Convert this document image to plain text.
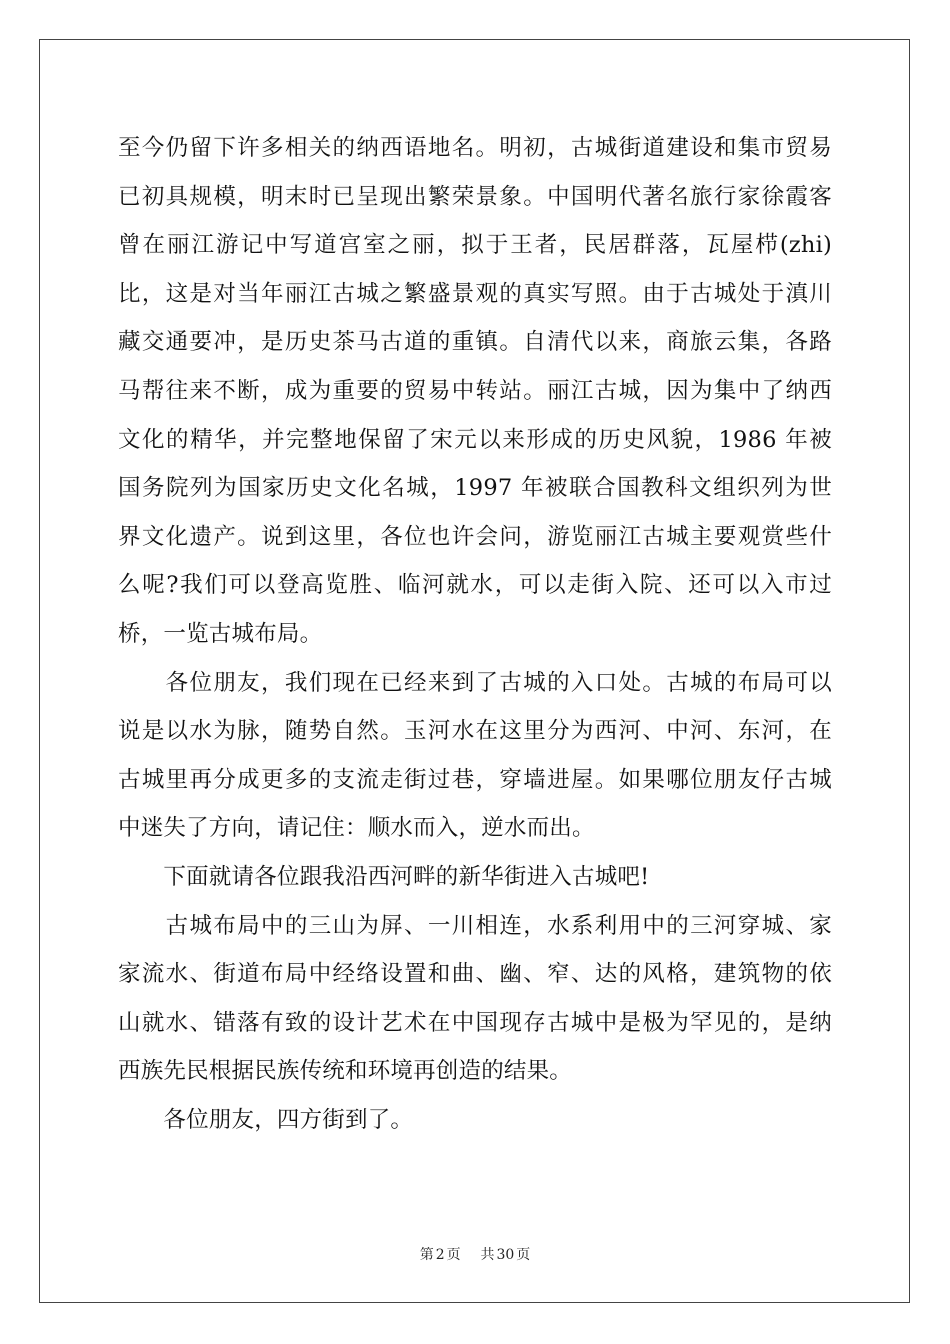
至今仍留下许多相关的纳西语地名。明初，古城街道建设和集市贸易
已初具规模，明末时已呈现出繁荣景象。中国明代著名旅行家徐霞客
曾在丽江游记中写道宫室之丽，拟于王者，民居群落，瓦屋栉(zhi)
比，这是对当年丽江古城之繁盛景观的真实写照。由于古城处于滇川
藏交通要冲，是历史茶马古道的重镇。自清代以来，商旅云集，各路
马帮往来不断，成为重要的贸易中转站。丽江古城，因为集中了纳西
文化的精华，并完整地保留了宋元以来形成的历史风貌，1986 年被
国务院列为国家历史文化名城，1997 年被联合国教科文组织列为世
界文化遗产。说到这里，各位也许会问，游览丽江古城主要观赏些什
么呢?我们可以登高览胜、临河就水，可以走街入院、还可以入市过
桥，一览古城布局。
　　各位朋友，我们现在已经来到了古城的入口处。古城的布局可以
说是以水为脉，随势自然。玉河水在这里分为西河、中河、东河，在
古城里再分成更多的支流走街过巷，穿墙进屋。如果哪位朋友仔古城
中迷失了方向，请记住：顺水而入，逆水而出。
　　下面就请各位跟我沿西河畔的新华街进入古城吧!
　　古城布局中的三山为屏、一川相连，水系利用中的三河穿城、家
家流水、街道布局中经络设置和曲、幽、窄、达的风格，建筑物的依
山就水、错落有致的设计艺术在中国现存古城中是极为罕见的，是纳
西族先民根据民族传统和环境再创造的结果。
　　各位朋友，四方街到了。
第 2 页 共 30 页
